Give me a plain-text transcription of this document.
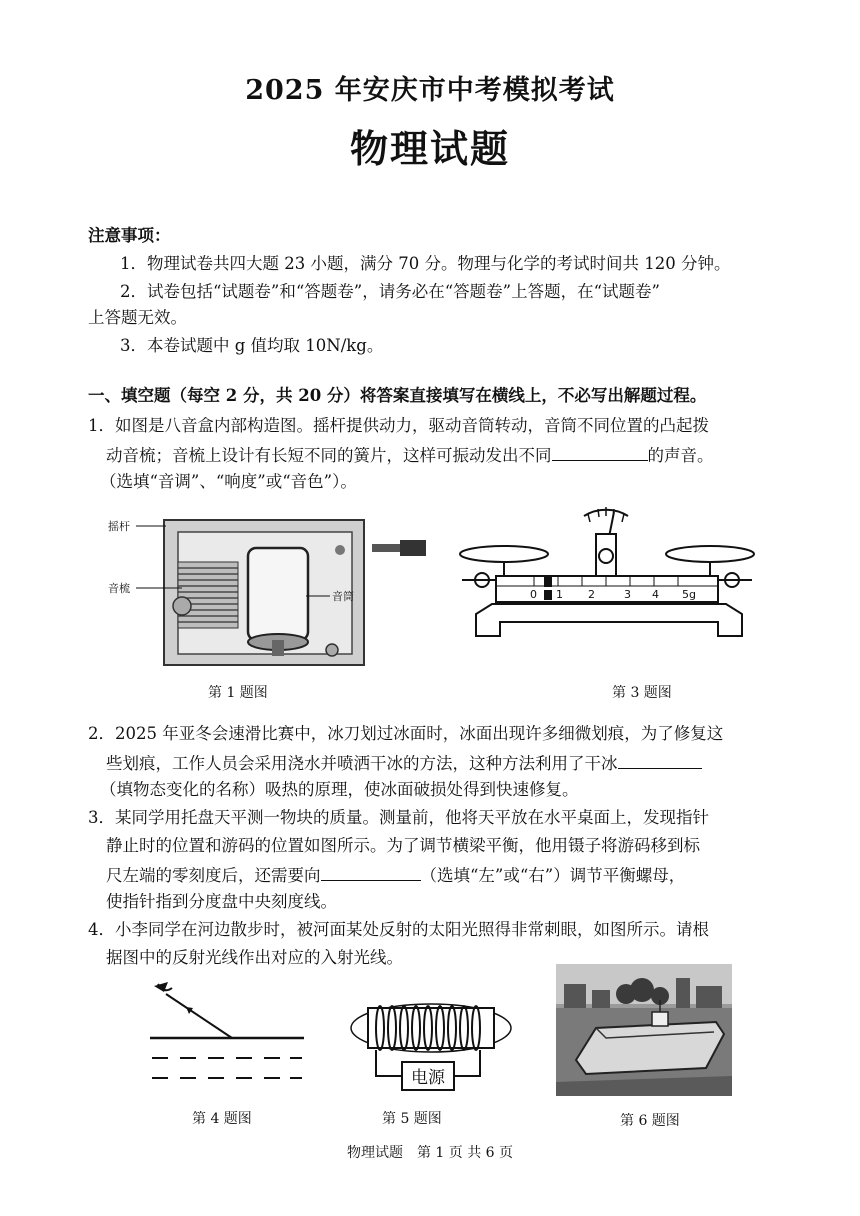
2025 年安庆市中考模拟考试
物理试题
注意事项：
1．物理试卷共四大题 23 小题，满分 70 分。物理与化学的考试时间共 120 分钟。
2．试卷包括“试题卷”和“答题卷”，请务必在“答题卷”上答题，在“试题卷”
上答题无效。
3．本卷试题中 g 值均取 10N/kg。
一、填空题（每空 2 分，共 20 分）将答案直接填写在横线上，不必写出解题过程。
1．如图是八音盒内部构造图。摇杆提供动力，驱动音筒转动，音筒不同位置的凸起拨
动音梳；音梳上设计有长短不同的簧片，这样可振动发出不同	的声音。
（选填“音调”、“响度”或“音色”）。
摇杆
音梳
音筒
第 1 题图
0 1 2	3 4 5g
第 3 题图
2．2025 年亚冬会速滑比赛中，冰刀划过冰面时，冰面出现许多细微划痕，为了修复这
些划痕，工作人员会采用浇水并喷洒干冰的方法，这种方法利用了干冰
（填物态变化的名称）吸热的原理，使冰面破损处得到快速修复。
3．某同学用托盘天平测一物块的质量。测量前，他将天平放在水平桌面上，发现指针
静止时的位置和游码的位置如图所示。为了调节横梁平衡，他用镊子将游码移到标
尺左端的零刻度后，还需要向	（选填“左”或“右”）调节平衡螺母，
使指针指到分度盘中央刻度线。
4．小李同学在河边散步时，被河面某处反射的太阳光照得非常刺眼，如图所示。请根
据图中的反射光线作出对应的入射光线。
第 4 题图
电源
第 5 题图	第 6 题图
物理试题　第 1 页 共 6 页
